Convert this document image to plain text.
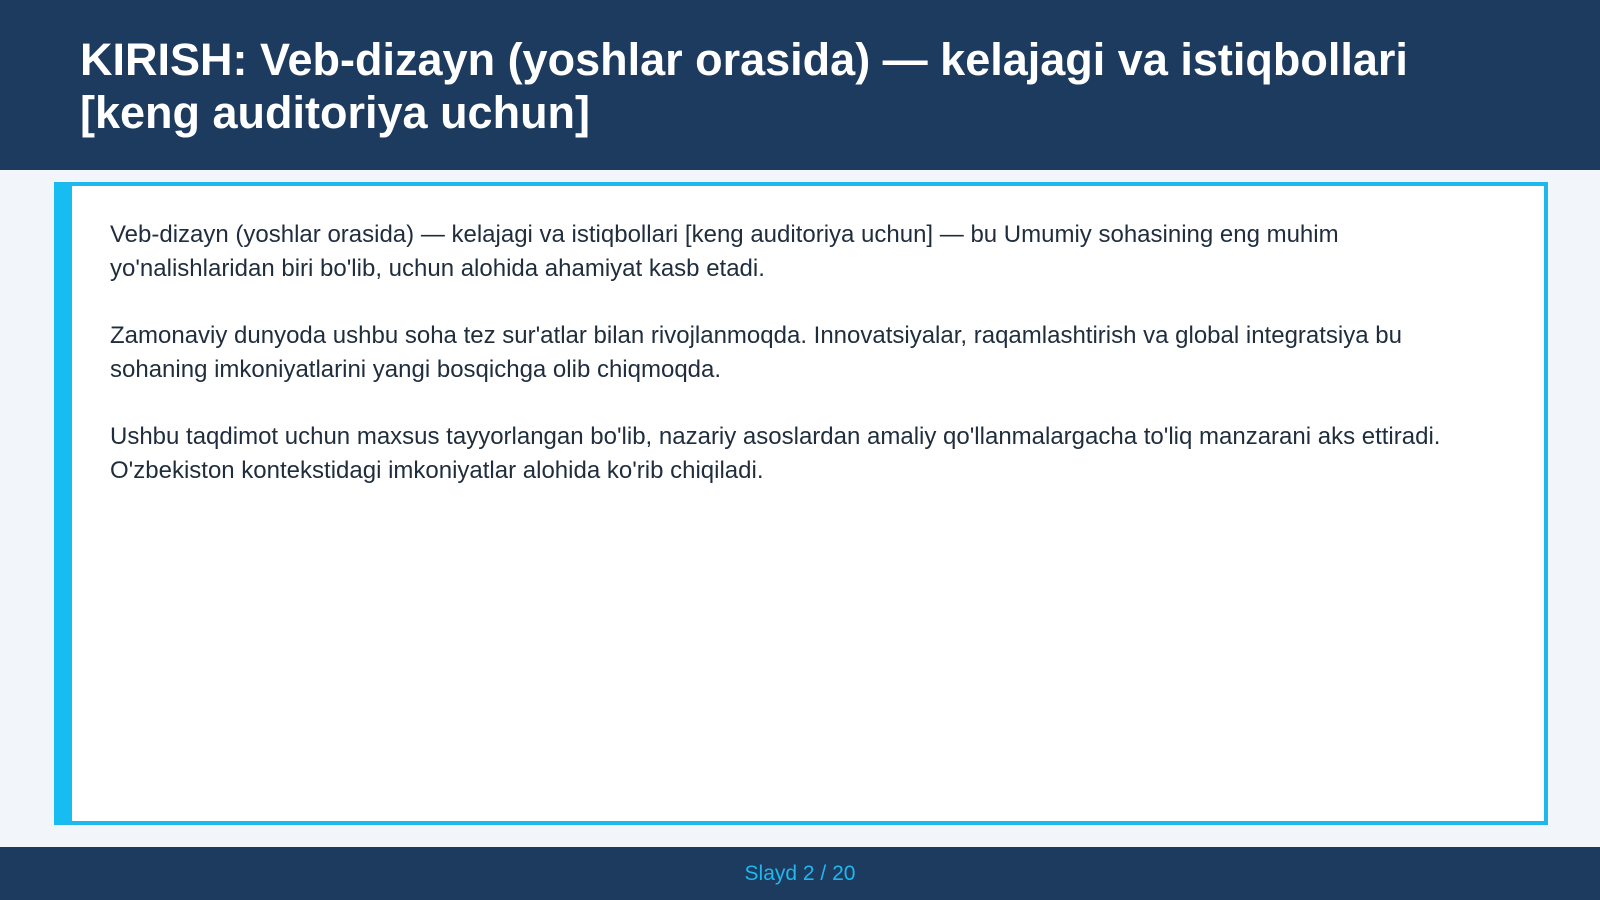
KIRISH: Veb-dizayn (yoshlar orasida) — kelajagi va istiqbollari [keng auditoriya uchun]

Veb-dizayn (yoshlar orasida) — kelajagi va istiqbollari [keng auditoriya uchun] — bu Umumiy sohasining eng muhim yo'nalishlaridan biri bo'lib, uchun alohida ahamiyat kasb etadi.

Zamonaviy dunyoda ushbu soha tez sur'atlar bilan rivojlanmoqda. Innovatsiyalar, raqamlashtirish va global integratsiya bu sohaning imkoniyatlarini yangi bosqichga olib chiqmoqda.

Ushbu taqdimot uchun maxsus tayyorlangan bo'lib, nazariy asoslardan amaliy qo'llanmalargacha to'liq manzarani aks ettiradi. O'zbekiston kontekstidagi imkoniyatlar alohida ko'rib chiqiladi.

Slayd 2 / 20
